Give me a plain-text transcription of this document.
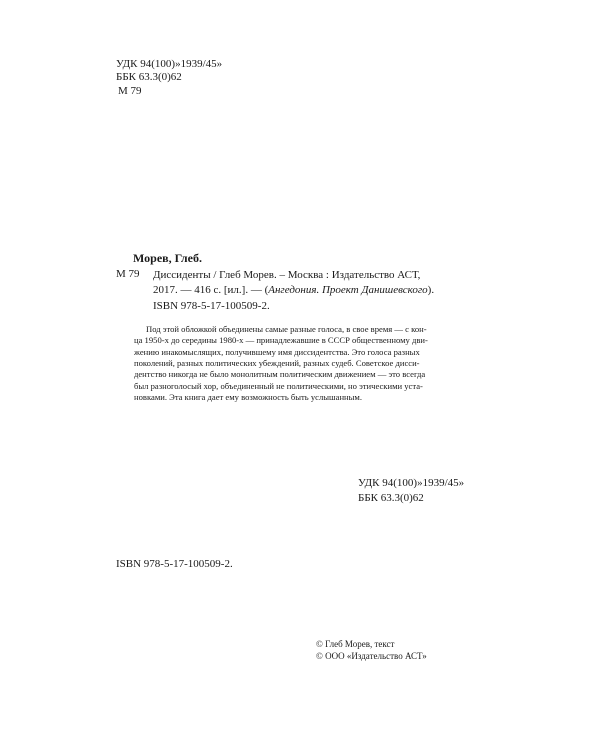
УДК 94(100)»1939/45»
ББК 63.3(0)62
М 79
Морев, Глеб.
М 79 Диссиденты / Глеб Морев. – Москва : Издательство АСТ,
2017. — 416 с. [ил.]. — (Ангедония. Проект Данишевского).
ISBN 978-5-17-100509-2.
Под этой обложкой объединены самые разные голоса, в свое время — с кон-
ца 1950-х до середины 1980-х — принадлежавшие в СССР общественному дви-
жению инакомыслящих, получившему имя диссидентства. Это голоса разных
поколений, разных политических убеждений, разных судеб. Советское дисси-
дентство никогда не было монолитным политическим движением — это всегда
был разноголосый хор, объединенный не политическими, но этическими уста-
новками. Эта книга дает ему возможность быть услышанным.
УДК 94(100)»1939/45»
ББК 63.3(0)62
ISBN 978-5-17-100509-2.
© Глеб Морев, текст
© ООО «Издательство АСТ»
